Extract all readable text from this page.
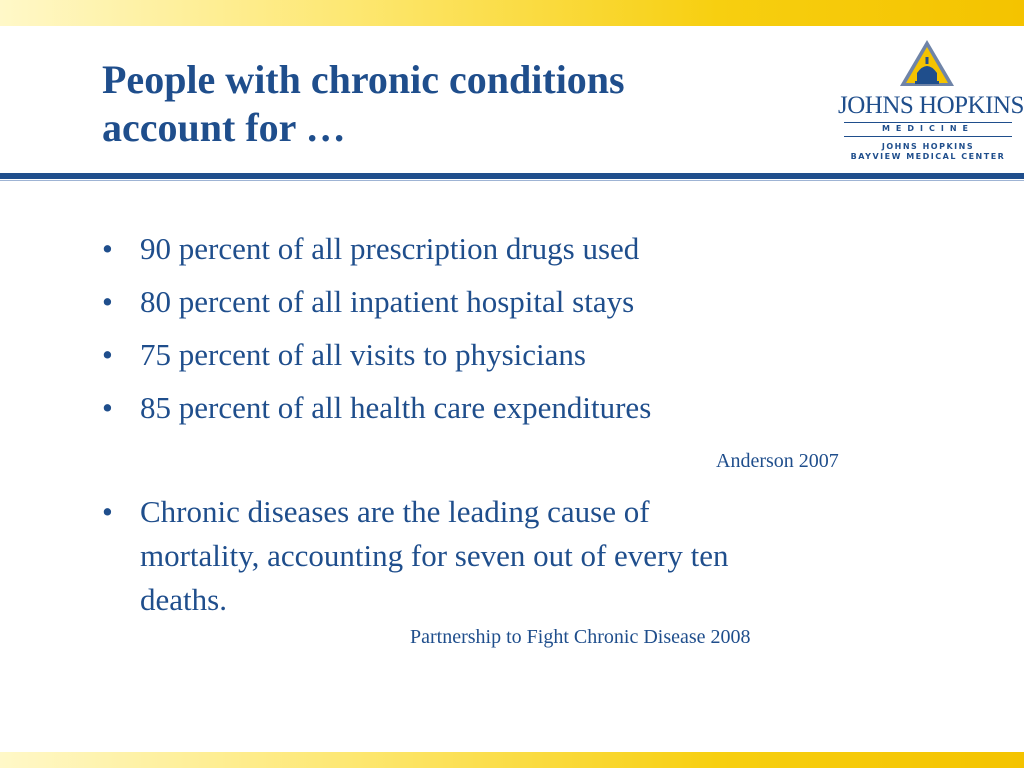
People with chronic conditions
account for …	JOHNS HOPKINS
MEDICINE
JOHNS HOPKINS
BAYVIEW MEDICAL CENTER
• 90 percent of all prescription drugs used
• 80 percent of all inpatient hospital stays
• 75 percent of all visits to physicians
• 85 percent of all health care expenditures
• Chronic diseases are the leading cause of
mortality, accounting for seven out of every ten
deaths.
Anderson 2007
Partnership to Fight Chronic Disease 2008
